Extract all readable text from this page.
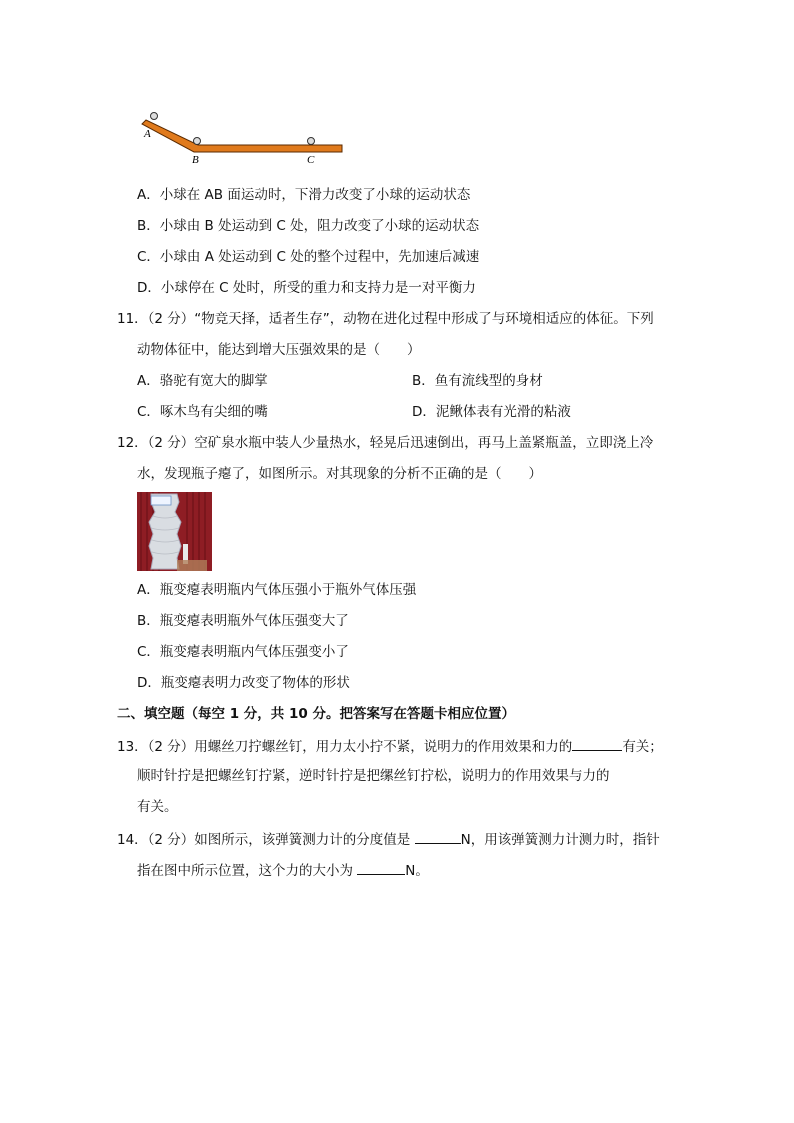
A
B	C
A．小球在 AB 面运动时，下滑力改变了小球的运动状态
B．小球由 B 处运动到 C 处，阻力改变了小球的运动状态
C．小球由 A 处运动到 C 处的整个过程中，先加速后减速
D．小球停在 C 处时，所受的重力和支持力是一对平衡力
11．（2 分）“物竞天择，适者生存”，动物在进化过程中形成了与环境相适应的体征。下列
动物体征中，能达到增大压强效果的是（　　）
A．骆驼有宽大的脚掌	B．鱼有流线型的身材
C．啄木鸟有尖细的嘴	D．泥鳅体表有光滑的粘液
12．（2 分）空矿泉水瓶中装人少量热水，轻晃后迅速倒出，再马上盖紧瓶盖，立即浇上冷
水，发现瓶子瘪了，如图所示。对其现象的分析不正确的是（　　）
A．瓶变瘪表明瓶内气体压强小于瓶外气体压强
B．瓶变瘪表明瓶外气体压强变大了
C．瓶变瘪表明瓶内气体压强变小了
D．瓶变瘪表明力改变了物体的形状
二、填空题（每空 1 分，共 10 分。把答案写在答题卡相应位置）
13．（2 分）用螺丝刀拧螺丝钉，用力太小拧不紧，说明力的作用效果和力的	有关；
顺时针拧是把螺丝钉拧紧，逆时针拧是把缧丝钉拧松，说明力的作用效果与力的
有关。
14．（2 分）如图所示，该弹簧测力计的分度值是	N，用该弹簧测力计测力时，指针
指在图中所示位置，这个力的大小为	N。
